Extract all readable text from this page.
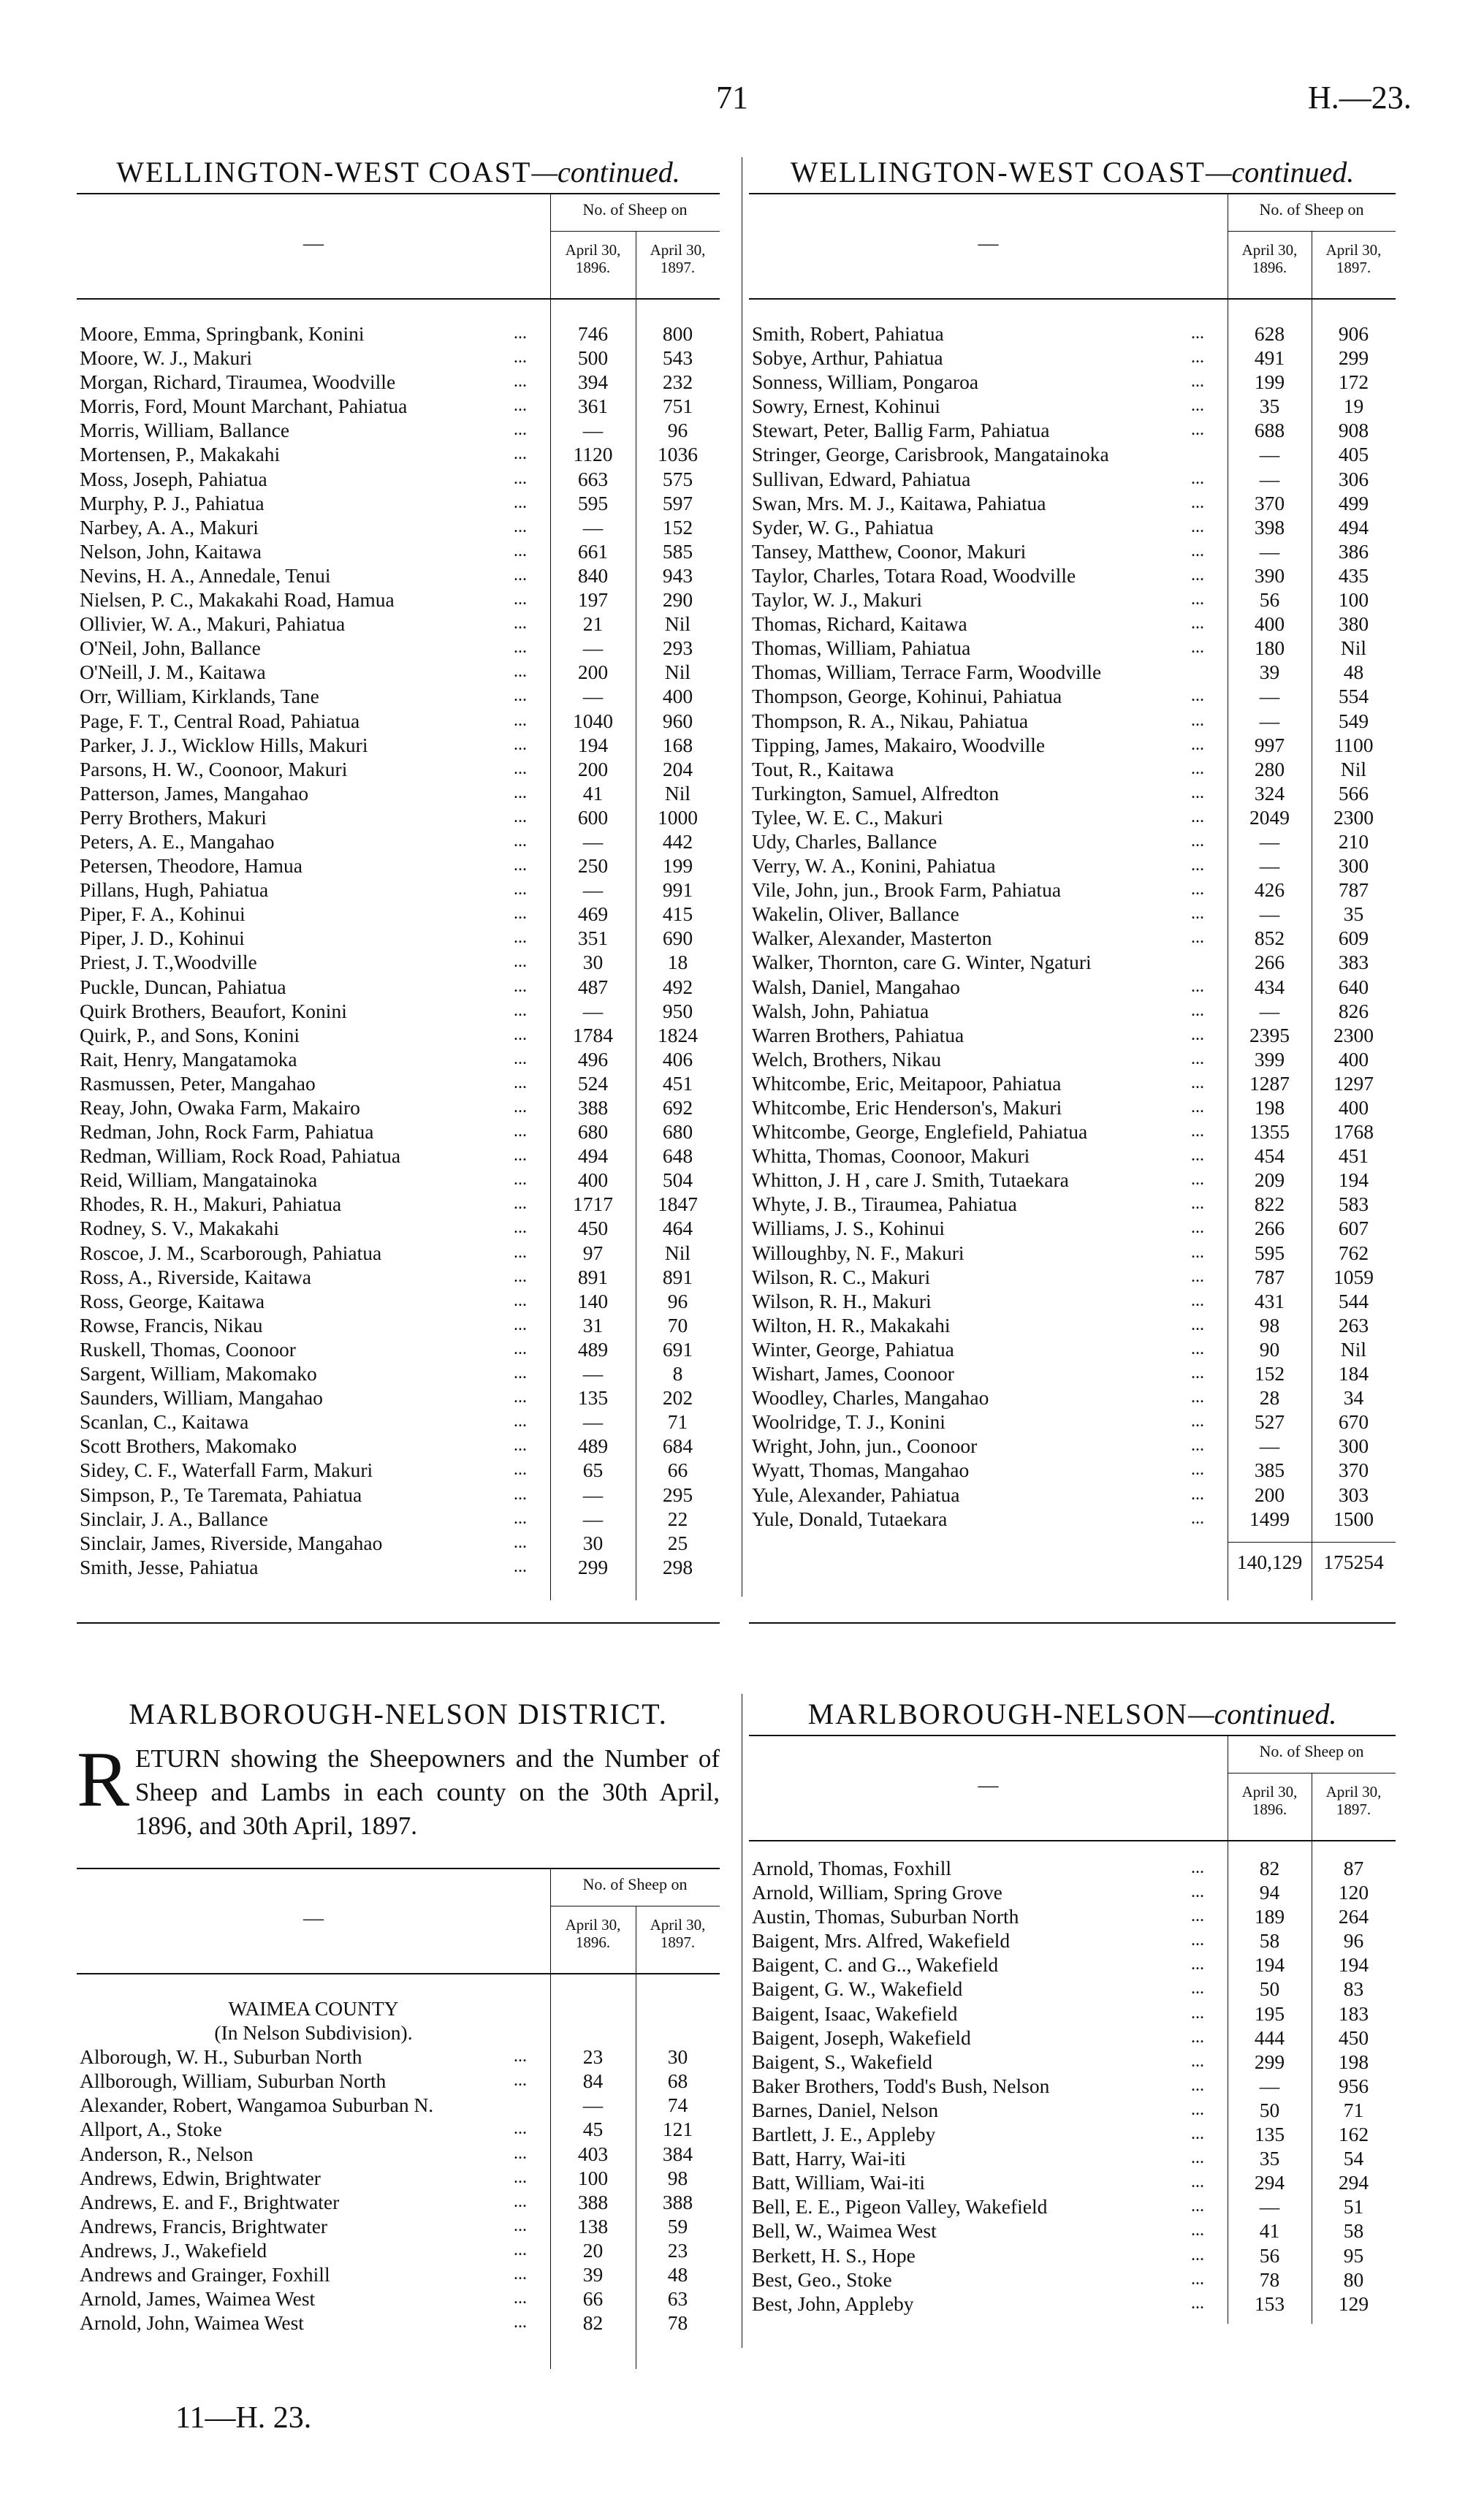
71	H.—23.
WELLINGTON-WEST COAST—continued.
—
No. of Sheep on
April 30,
1896.
April 30,
1897.
Moore, Emma, Springbank, Konini	...	746	800
Moore, W. J., Makuri	...	500	543
Morgan, Richard, Tiraumea, Woodville	...	394	232
Morris, Ford, Mount Marchant, Pahiatua	...	361	751
Morris, William, Ballance	...	—	96
Mortensen, P., Makakahi	...	1120	1036
Moss, Joseph, Pahiatua	...	663	575
Murphy, P. J., Pahiatua	...	595	597
Narbey, A. A., Makuri	...	—	152
Nelson, John, Kaitawa	...	661	585
Nevins, H. A., Annedale, Tenui	...	840	943
Nielsen, P. C., Makakahi Road, Hamua	...	197	290
Ollivier, W. A., Makuri, Pahiatua	...	21	Nil
O'Neil, John, Ballance	...	—	293
O'Neill, J. M., Kaitawa	...	200	Nil
Orr, William, Kirklands, Tane	...	—	400
Page, F. T., Central Road, Pahiatua	...	1040	960
Parker, J. J., Wicklow Hills, Makuri	...	194	168
Parsons, H. W., Coonoor, Makuri	...	200	204
Patterson, James, Mangahao	...	41	Nil
Perry Brothers, Makuri	...	600	1000
Peters, A. E., Mangahao	...	—	442
Petersen, Theodore, Hamua	...	250	199
Pillans, Hugh, Pahiatua	...	—	991
Piper, F. A., Kohinui	...	469	415
Piper, J. D., Kohinui	...	351	690
Priest, J. T.,Woodville	...	30	18
Puckle, Duncan, Pahiatua	...	487	492
Quirk Brothers, Beaufort, Konini	...	—	950
Quirk, P., and Sons, Konini	...	1784	1824
Rait, Henry, Mangatamoka	...	496	406
Rasmussen, Peter, Mangahao	...	524	451
Reay, John, Owaka Farm, Makairo	...	388	692
Redman, John, Rock Farm, Pahiatua	...	680	680
Redman, William, Rock Road, Pahiatua	...	494	648
Reid, William, Mangatainoka	...	400	504
Rhodes, R. H., Makuri, Pahiatua	...	1717	1847
Rodney, S. V., Makakahi	...	450	464
Roscoe, J. M., Scarborough, Pahiatua	...	97	Nil
Ross, A., Riverside, Kaitawa	...	891	891
Ross, George, Kaitawa	...	140	96
Rowse, Francis, Nikau	...	31	70
Ruskell, Thomas, Coonoor	...	489	691
Sargent, William, Makomako	...	—	8
Saunders, William, Mangahao	...	135	202
Scanlan, C., Kaitawa	...	—	71
Scott Brothers, Makomako	...	489	684
Sidey, C. F., Waterfall Farm, Makuri	...	65	66
Simpson, P., Te Taremata, Pahiatua	...	—	295
Sinclair, J. A., Ballance	...	—	22
Sinclair, James, Riverside, Mangahao	...	30	25
Smith, Jesse, Pahiatua	...	299	298
WELLINGTON-WEST COAST—continued.
—
No. of Sheep on
April 30,
1896.
April 30,
1897.
Smith, Robert, Pahiatua	...	628	906
Sobye, Arthur, Pahiatua	...	491	299
Sonness, William, Pongaroa	...	199	172
Sowry, Ernest, Kohinui	...	35	19
Stewart, Peter, Ballig Farm, Pahiatua	...	688	908
Stringer, George, Carisbrook, Mangatainoka	—	405
Sullivan, Edward, Pahiatua	...	—	306
Swan, Mrs. M. J., Kaitawa, Pahiatua	...	370	499
Syder, W. G., Pahiatua	...	398	494
Tansey, Matthew, Coonor, Makuri	...	—	386
Taylor, Charles, Totara Road, Woodville	...	390	435
Taylor, W. J., Makuri	...	56	100
Thomas, Richard, Kaitawa	...	400	380
Thomas, William, Pahiatua	...	180	Nil
Thomas, William, Terrace Farm, Woodville	39	48
Thompson, George, Kohinui, Pahiatua	...	—	554
Thompson, R. A., Nikau, Pahiatua	...	—	549
Tipping, James, Makairo, Woodville	...	997	1100
Tout, R., Kaitawa	...	280	Nil
Turkington, Samuel, Alfredton	...	324	566
Tylee, W. E. C., Makuri	...	2049	2300
Udy, Charles, Ballance	...	—	210
Verry, W. A., Konini, Pahiatua	...	—	300
Vile, John, jun., Brook Farm, Pahiatua	...	426	787
Wakelin, Oliver, Ballance	...	—	35
Walker, Alexander, Masterton	...	852	609
Walker, Thornton, care G. Winter, Ngaturi	266	383
Walsh, Daniel, Mangahao	...	434	640
Walsh, John, Pahiatua	...	—	826
Warren Brothers, Pahiatua	...	2395	2300
Welch, Brothers, Nikau	...	399	400
Whitcombe, Eric, Meitapoor, Pahiatua	...	1287	1297
Whitcombe, Eric Henderson's, Makuri	...	198	400
Whitcombe, George, Englefield, Pahiatua	...	1355	1768
Whitta, Thomas, Coonoor, Makuri	...	454	451
Whitton, J. H , care J. Smith, Tutaekara	...	209	194
Whyte, J. B., Tiraumea, Pahiatua	...	822	583
Williams, J. S., Kohinui	...	266	607
Willoughby, N. F., Makuri	...	595	762
Wilson, R. C., Makuri	...	787	1059
Wilson, R. H., Makuri	...	431	544
Wilton, H. R., Makakahi	...	98	263
Winter, George, Pahiatua	...	90	Nil
Wishart, James, Coonoor	...	152	184
Woodley, Charles, Mangahao	...	28	34
Woolridge, T. J., Konini	...	527	670
Wright, John, jun., Coonoor	...	—	300
Wyatt, Thomas, Mangahao	...	385	370
Yule, Alexander, Pahiatua	...	200	303
Yule, Donald, Tutaekara	...	1499	1500
140,129	175254
MARLBOROUGH-NELSON DISTRICT.
RETURN showing the Sheepowners and the Number of Sheep and Lambs in each county on the 30th April, 1896, and 30th April, 1897.
—
No. of Sheep on
April 30,
1896.
April 30,
1897.
WAIMEA COUNTY
(In Nelson Subdivision).
Alborough, W. H., Suburban North	...	23	30
Allborough, William, Suburban North	...	84	68
Alexander, Robert, Wangamoa Suburban N.	—	74
Allport, A., Stoke	...	45	121
Anderson, R., Nelson	...	403	384
Andrews, Edwin, Brightwater	...	100	98
Andrews, E. and F., Brightwater	...	388	388
Andrews, Francis, Brightwater	...	138	59
Andrews, J., Wakefield	...	20	23
Andrews and Grainger, Foxhill	...	39	48
Arnold, James, Waimea West	...	66	63
Arnold, John, Waimea West	...	82	78
MARLBOROUGH-NELSON—continued.
—
No. of Sheep on
April 30,
1896.
April 30,
1897.
Arnold, Thomas, Foxhill	...	82	87
Arnold, William, Spring Grove	...	94	120
Austin, Thomas, Suburban North	...	189	264
Baigent, Mrs. Alfred, Wakefield	...	58	96
Baigent, C. and G.., Wakefield	...	194	194
Baigent, G. W., Wakefield	...	50	83
Baigent, Isaac, Wakefield	...	195	183
Baigent, Joseph, Wakefield	...	444	450
Baigent, S., Wakefield	...	299	198
Baker Brothers, Todd's Bush, Nelson	...	—	956
Barnes, Daniel, Nelson	...	50	71
Bartlett, J. E., Appleby	...	135	162
Batt, Harry, Wai-iti	...	35	54
Batt, William, Wai-iti	...	294	294
Bell, E. E., Pigeon Valley, Wakefield	...	—	51
Bell, W., Waimea West	...	41	58
Berkett, H. S., Hope	...	56	95
Best, Geo., Stoke	...	78	80
Best, John, Appleby	...	153	129
11—H. 23.
